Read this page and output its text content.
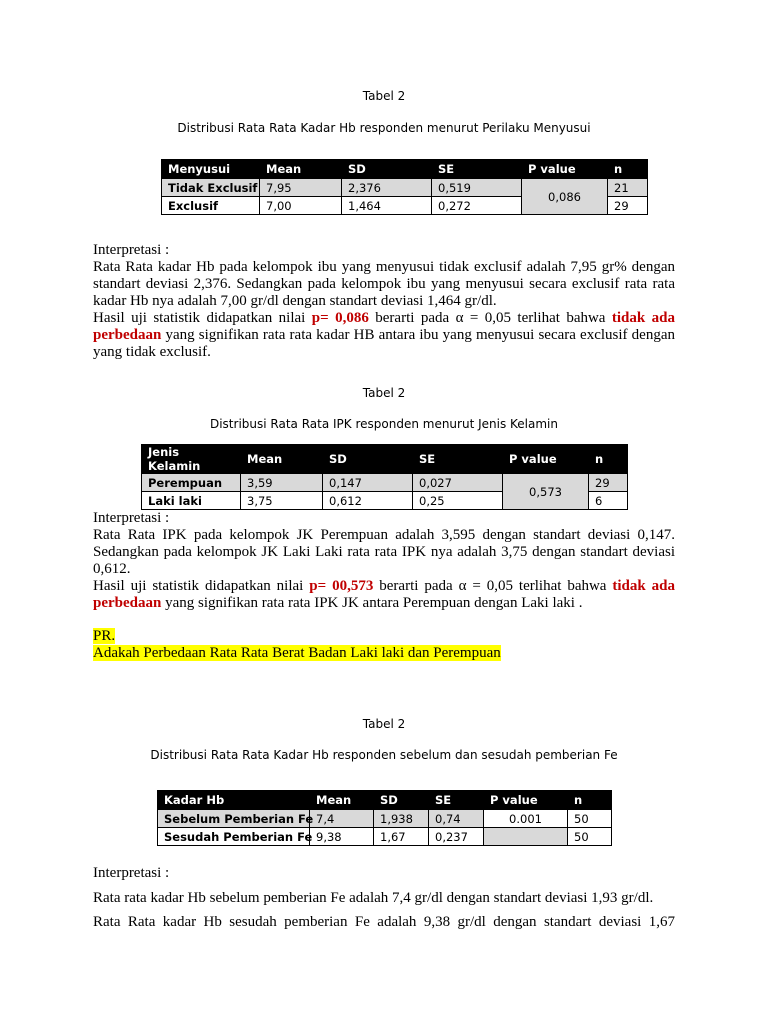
Tabel 2
Distribusi Rata Rata Kadar Hb responden menurut Perilaku Menyusui
Menyusui	Mean	SD	SE	P value	n
Tidak Exclusif	7,95	2,376	0,519	0,086	21
Exclusif	7,00	1,464	0,272		29

Interpretasi :

Rata Rata kadar Hb pada kelompok ibu yang menyusui tidak exclusif adalah 7,95 gr% dengan standart deviasi 2,376. Sedangkan pada kelompok ibu yang menyusui secara exclusif rata rata kadar Hb nya adalah 7,00 gr/dl dengan standart deviasi 1,464 gr/dl.

Hasil uji statistik didapatkan nilai p= 0,086 berarti pada α = 0,05 terlihat bahwa tidak ada perbedaan yang signifikan rata rata kadar HB antara ibu yang menyusui secara exclusif dengan yang tidak exclusif.

Tabel 2
Distribusi Rata Rata IPK responden menurut Jenis Kelamin
Jenis Kelamin	Mean	SD	SE	P value	n
Perempuan	3,59	0,147	0,027	0,573	29
Laki laki	3,75	0,612	0,25		6

Interpretasi :

Rata Rata IPK pada kelompok JK Perempuan adalah 3,595 dengan standart deviasi 0,147. Sedangkan pada kelompok JK Laki Laki rata rata IPK nya adalah 3,75 dengan standart deviasi 0,612.

Hasil uji statistik didapatkan nilai p= 00,573 berarti pada α = 0,05 terlihat bahwa tidak ada perbedaan yang signifikan rata rata IPK JK antara Perempuan dengan Laki laki .

PR.

Adakah Perbedaan Rata Rata Berat Badan Laki laki dan Perempuan

Tabel 2
Distribusi Rata Rata Kadar Hb responden sebelum dan sesudah pemberian Fe
Kadar Hb	Mean	SD	SE	P value	n
Sebelum Pemberian Fe	7,4	1,938	0,74	0.001	50
Sesudah Pemberian Fe	9,38	1,67	0,237		50
Interpretasi :
Rata rata kadar Hb sebelum pemberian Fe adalah 7,4 gr/dl dengan standart deviasi 1,93 gr/dl.
Rata Rata kadar Hb sesudah pemberian Fe adalah 9,38 gr/dl dengan standart deviasi 1,67
